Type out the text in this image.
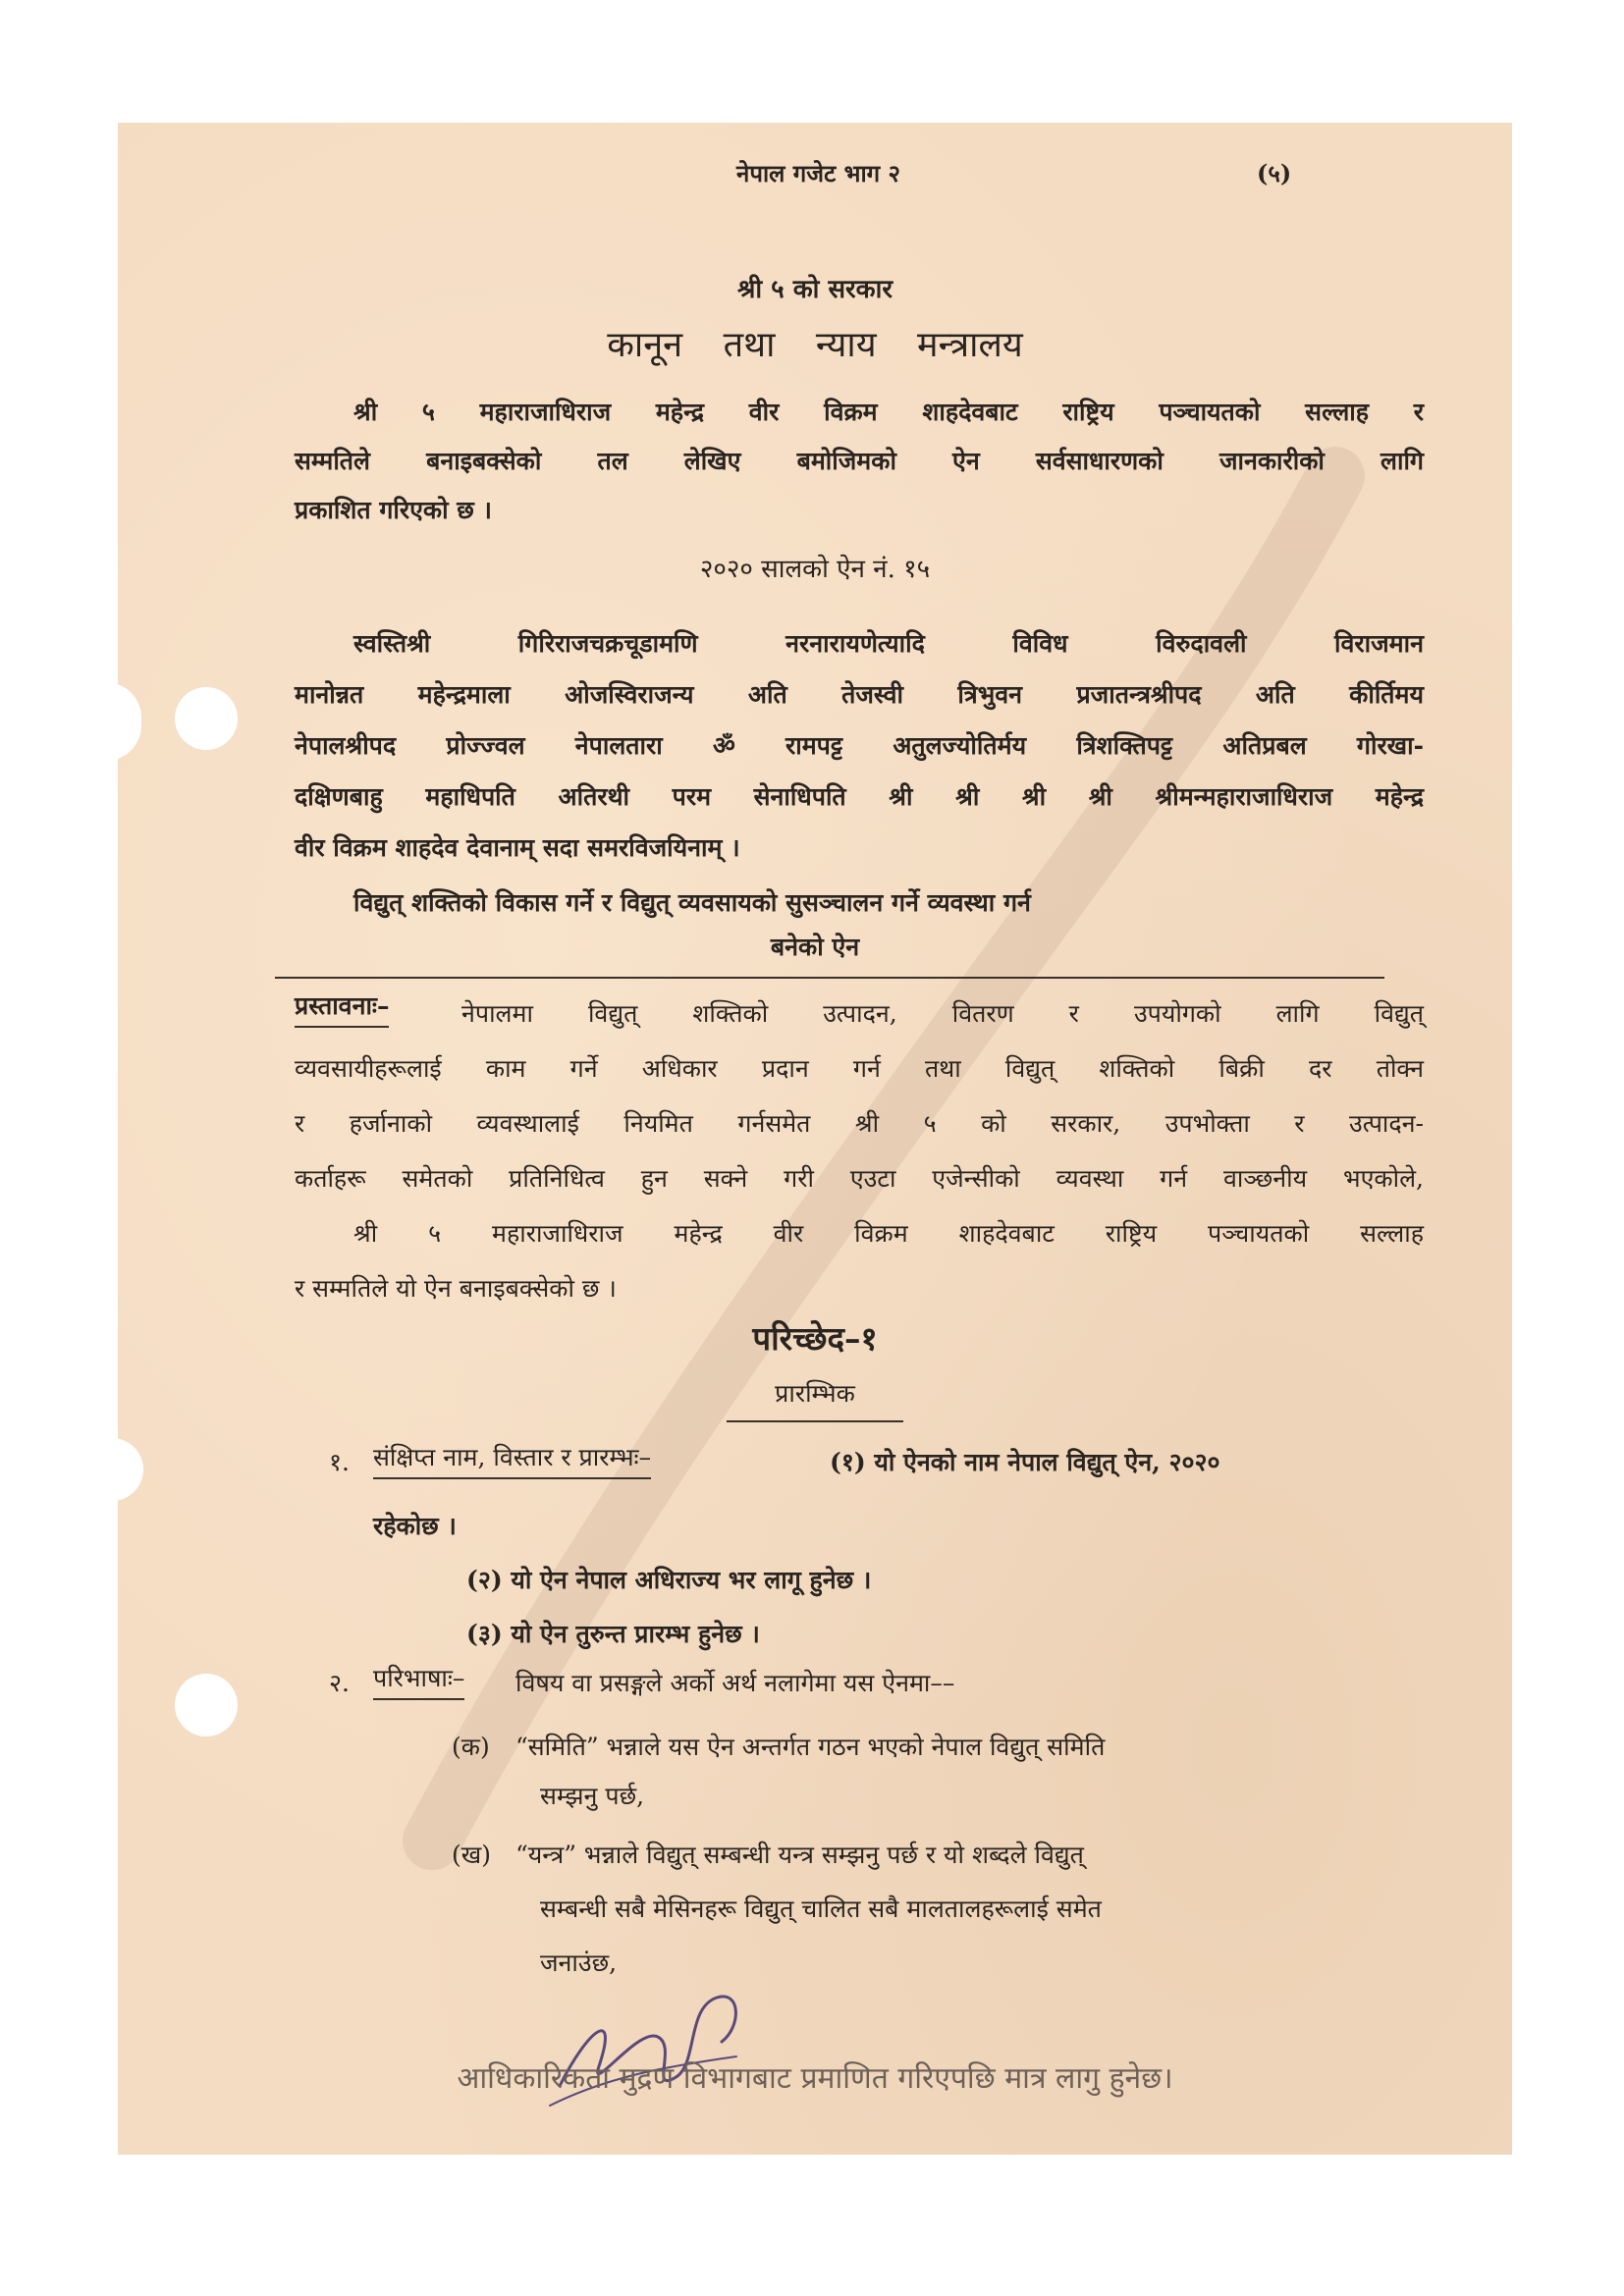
नेपाल गजेट भाग २	(५)
श्री ५ को सरकार
कानून तथा न्याय मन्त्रालय
श्री ५ महाराजाधिराज महेन्द्र वीर विक्रम शाहदेवबाट राष्ट्रिय पञ्चायतको सल्लाह र
सम्मतिले बनाइबक्सेको तल लेखिए बमोजिमको ऐन सर्वसाधारणको जानकारीको लागि
प्रकाशित गरिएको छ ।
२०२० सालको ऐन नं. १५
स्वस्तिश्री गिरिराजचक्रचूडामणि नरनारायणेत्यादि विविध विरुदावली विराजमान
मानोन्नत महेन्द्रमाला ओजस्विराजन्य अति तेजस्वी त्रिभुवन प्रजातन्त्रश्रीपद अति कीर्तिमय
नेपालश्रीपद प्रोज्ज्वल नेपालतारा ॐ रामपट्ट अतुलज्योतिर्मय त्रिशक्तिपट्ट अतिप्रबल गोरखा-
दक्षिणबाहु महाधिपति अतिरथी परम सेनाधिपति श्री श्री श्री श्री श्रीमन्महाराजाधिराज महेन्द्र
वीर विक्रम शाहदेव देवानाम् सदा समरविजयिनाम् ।
विद्युत् शक्तिको विकास गर्ने र विद्युत् व्यवसायको सुसञ्चालन गर्ने व्यवस्था गर्न
बनेको ऐन
प्रस्तावनाः–	नेपालमा विद्युत् शक्तिको उत्पादन, वितरण र उपयोगको लागि विद्युत्
व्यवसायीहरूलाई काम गर्ने अधिकार प्रदान गर्न तथा विद्युत् शक्तिको बिक्री दर तोक्न
र हर्जानाको व्यवस्थालाई नियमित गर्नसमेत श्री ५ को सरकार, उपभोक्ता र उत्पादन-
कर्ताहरू समेतको प्रतिनिधित्व हुन सक्ने गरी एउटा एजेन्सीको व्यवस्था गर्न वाञ्छनीय भएकोले,
श्री ५ महाराजाधिराज महेन्द्र वीर विक्रम शाहदेवबाट राष्ट्रिय पञ्चायतको सल्लाह
र सम्मतिले यो ऐन बनाइबक्सेको छ ।
परिच्छेद–१
प्रारम्भिक
१. संक्षिप्त नाम, विस्तार र प्रारम्भः–	(१) यो ऐनको नाम नेपाल विद्युत् ऐन, २०२०
रहेकोछ ।
(२) यो ऐन नेपाल अधिराज्य भर लागू हुनेछ ।
(३) यो ऐन तुरुन्त प्रारम्भ हुनेछ ।
२. परिभाषाः– विषय वा प्रसङ्गले अर्को अर्थ नलागेमा यस ऐनमा––
(क) “समिति” भन्नाले यस ऐन अन्तर्गत गठन भएको नेपाल विद्युत् समिति
सम्झनु पर्छ,
(ख) “यन्त्र” भन्नाले विद्युत् सम्बन्धी यन्त्र सम्झनु पर्छ र यो शब्दले विद्युत्
सम्बन्धी सबै मेसिनहरू विद्युत् चालित सबै मालतालहरूलाई समेत
जनाउंछ,
आधिकारिकता मुद्रण विभागबाट प्रमाणित गरिएपछि मात्र लागु हुनेछ।
